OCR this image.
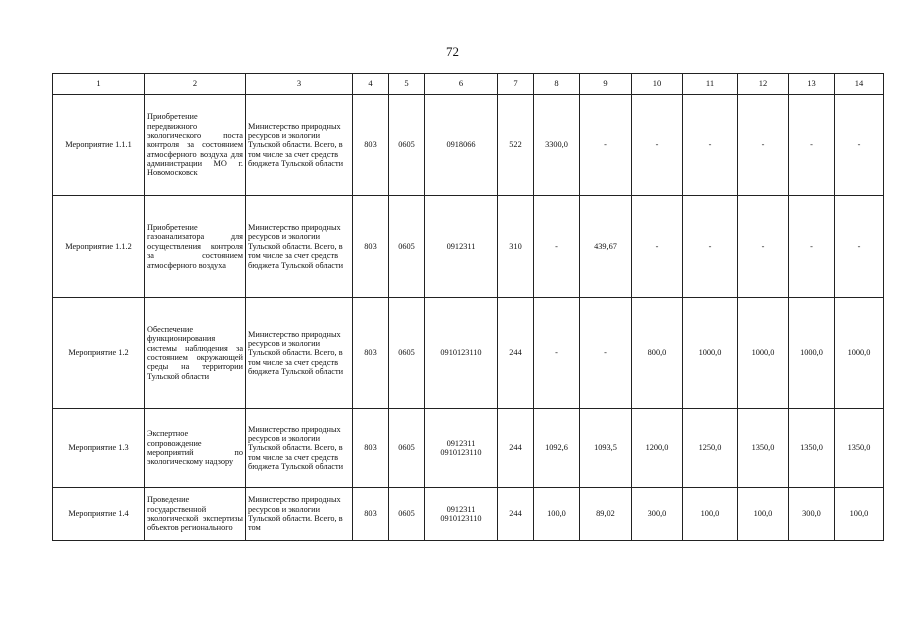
72
1	2	3	4	5	6	7	8	9	10	11	12	13	14
Мероприятие 1.1.1	Приобретение передвижного экологического поста контроля за состоянием атмосферного воздуха для администрации МО г. Новомосковск	Министерство природных ресурсов и экологии Тульской области. Всего, в том числе за счет средств бюджета Тульской области	803	0605	0918066	522	3300,0	-	-	-	-	-	-
Мероприятие 1.1.2	Приобретение газоанализатора для осуществления контроля за состоянием атмосферного воздуха	Министерство природных ресурсов и экологии Тульской области. Всего, в том числе за счет средств бюджета Тульской области	803	0605	0912311	310	-	439,67	-	-	-	-	-
Мероприятие 1.2	Обеспечение функционирования системы наблюдения за состоянием окружающей среды на территории Тульской области	Министерство природных ресурсов и экологии Тульской области. Всего, в том числе за счет средств бюджета Тульской области	803	0605	0910123110	244	-	-	800,0	1000,0	1000,0	1000,0	1000,0
Мероприятие 1.3	Экспертное сопровождение мероприятий по экологическому надзору	Министерство природных ресурсов и экологии Тульской области. Всего, в том числе за счет средств бюджета Тульской области	803	0605	0912311 0910123110	244	1092,6	1093,5	1200,0	1250,0	1350,0	1350,0	1350,0
Мероприятие 1.4	Проведение государственной экологической экспертизы объектов регионального	Министерство природных ресурсов и экологии Тульской области. Всего, в том	803	0605	0912311 0910123110	244	100,0	89,02	300,0	100,0	100,0	300,0	100,0
